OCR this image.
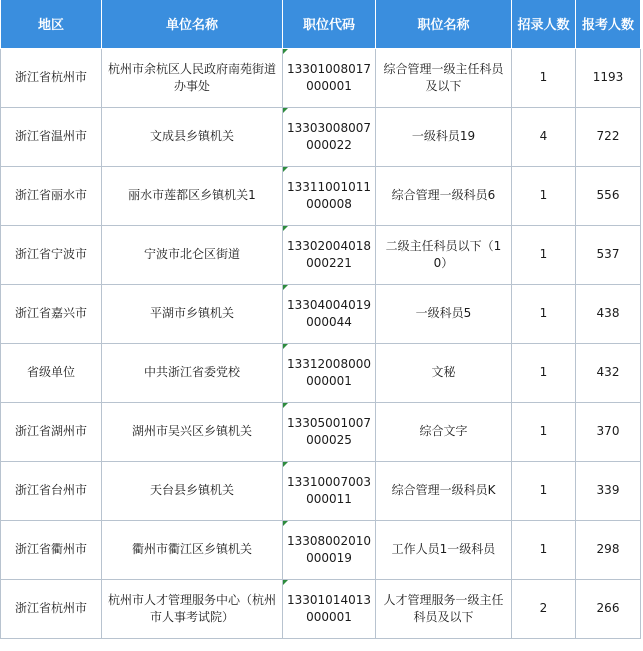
地区	单位名称	职位代码	职位名称	招录人数	报考人数
浙江省杭州市	杭州市余杭区人民政府南苑街道办事处	13301008017000001	综合管理一级主任科员及以下	1	1193
浙江省温州市	文成县乡镇机关	13303008007000022	一级科员19	4	722
浙江省丽水市	丽水市莲都区乡镇机关1	13311001011000008	综合管理一级科员6	1	556
浙江省宁波市	宁波市北仑区街道	13302004018000221	二级主任科员以下（10）	1	537
浙江省嘉兴市	平湖市乡镇机关	13304004019000044	一级科员5	1	438
省级单位	中共浙江省委党校	13312008000000001	文秘	1	432
浙江省湖州市	湖州市吴兴区乡镇机关	13305001007000025	综合文字	1	370
浙江省台州市	天台县乡镇机关	13310007003000011	综合管理一级科员K	1	339
浙江省衢州市	衢州市衢江区乡镇机关	13308002010000019	工作人员1一级科员	1	298
浙江省杭州市	杭州市人才管理服务中心（杭州市人事考试院）	13301014013000001	人才管理服务一级主任科员及以下	2	266
